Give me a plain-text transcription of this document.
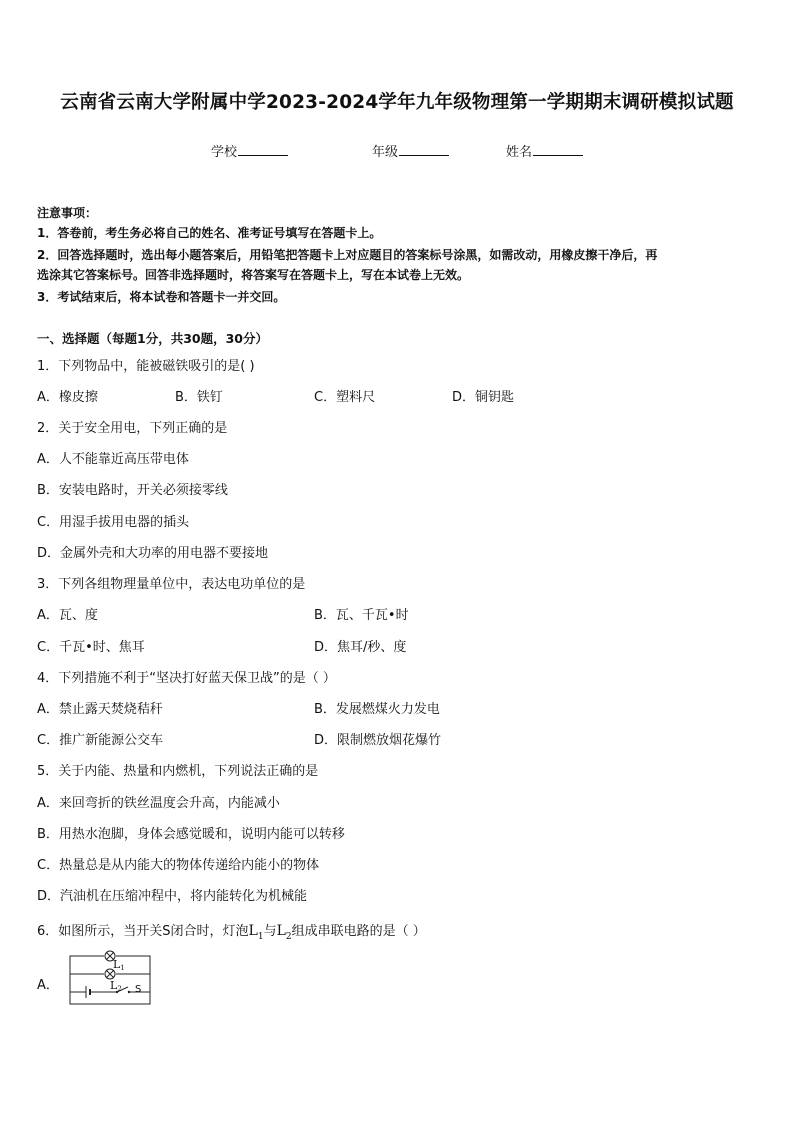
云南省云南大学附属中学2023-2024学年九年级物理第一学期期末调研模拟试题
学校	年级	姓名
注意事项：
1．答卷前，考生务必将自己的姓名、准考证号填写在答题卡上。
2．回答选择题时，选出每小题答案后，用铅笔把答题卡上对应题目的答案标号涂黑，如需改动，用橡皮擦干净后，再
选涂其它答案标号。回答非选择题时，将答案写在答题卡上，写在本试卷上无效。
3．考试结束后，将本试卷和答题卡一并交回。
一、选择题（每题1分，共30题，30分）
1．下列物品中，能被磁铁吸引的是( )
A．橡皮擦	B．铁钉	C．塑料尺	D．铜钥匙
2．关于安全用电，下列正确的是
A．人不能靠近高压带电体
B．安装电路时，开关必须接零线
C．用湿手拔用电器的插头
D．金属外壳和大功率的用电器不要接地
3．下列各组物理量单位中，表达电功单位的是
A．瓦、度	B．瓦、千瓦•时
C．千瓦•时、焦耳	D．焦耳/秒、度
4．下列措施不利于“坚决打好蓝天保卫战”的是（ ）
A．禁止露天焚烧秸秆	B．发展燃煤火力发电
C．推广新能源公交车	D．限制燃放烟花爆竹
5．关于内能、热量和内燃机，下列说法正确的是
A．来回弯折的铁丝温度会升高，内能减小
B．用热水泡脚，身体会感觉暖和，说明内能可以转移
C．热量总是从内能大的物体传递给内能小的物体
D．汽油机在压缩冲程中，将内能转化为机械能
6．如图所示，当开关S闭合时，灯泡$L_1$与$L_2$组成串联电路的是（ ）
A．
L1
L2 S
